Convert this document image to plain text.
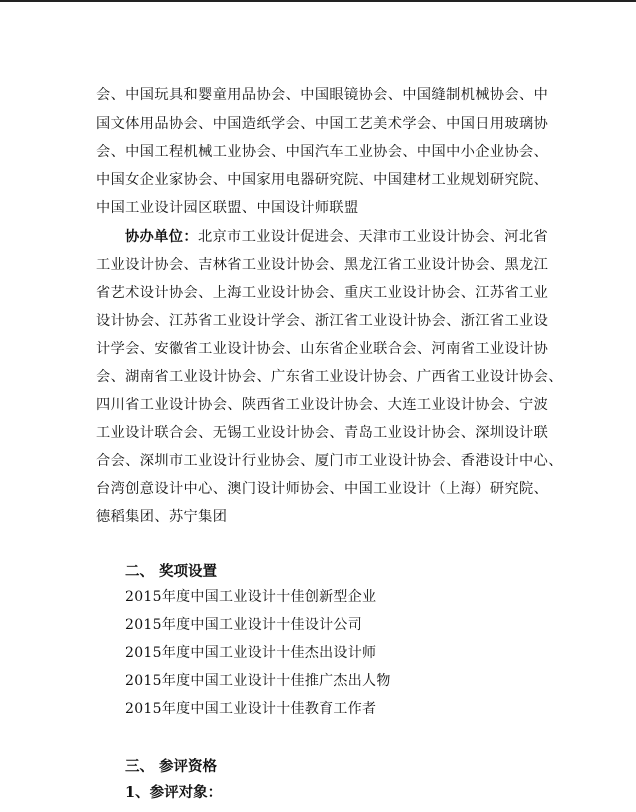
会、中国玩具和婴童用品协会、中国眼镜协会、中国缝制机械协会、中
国文体用品协会、中国造纸学会、中国工艺美术学会、中国日用玻璃协
会、中国工程机械工业协会、中国汽车工业协会、中国中小企业协会、
中国女企业家协会、中国家用电器研究院、中国建材工业规划研究院、
中国工业设计园区联盟、中国设计师联盟
协办单位：北京市工业设计促进会、天津市工业设计协会、河北省
工业设计协会、吉林省工业设计协会、黑龙江省工业设计协会、黑龙江
省艺术设计协会、上海工业设计协会、重庆工业设计协会、江苏省工业
设计协会、江苏省工业设计学会、浙江省工业设计协会、浙江省工业设
计学会、安徽省工业设计协会、山东省企业联合会、河南省工业设计协
会、湖南省工业设计协会、广东省工业设计协会、广西省工业设计协会、
四川省工业设计协会、陕西省工业设计协会、大连工业设计协会、宁波
工业设计联合会、无锡工业设计协会、青岛工业设计协会、深圳设计联
合会、深圳市工业设计行业协会、厦门市工业设计协会、香港设计中心、
台湾创意设计中心、澳门设计师协会、中国工业设计（上海）研究院、
德稻集团、苏宁集团
二、 奖项设置
2015年度中国工业设计十佳创新型企业
2015年度中国工业设计十佳设计公司
2015年度中国工业设计十佳杰出设计师
2015年度中国工业设计十佳推广杰出人物
2015年度中国工业设计十佳教育工作者
三、 参评资格
1、参评对象：
